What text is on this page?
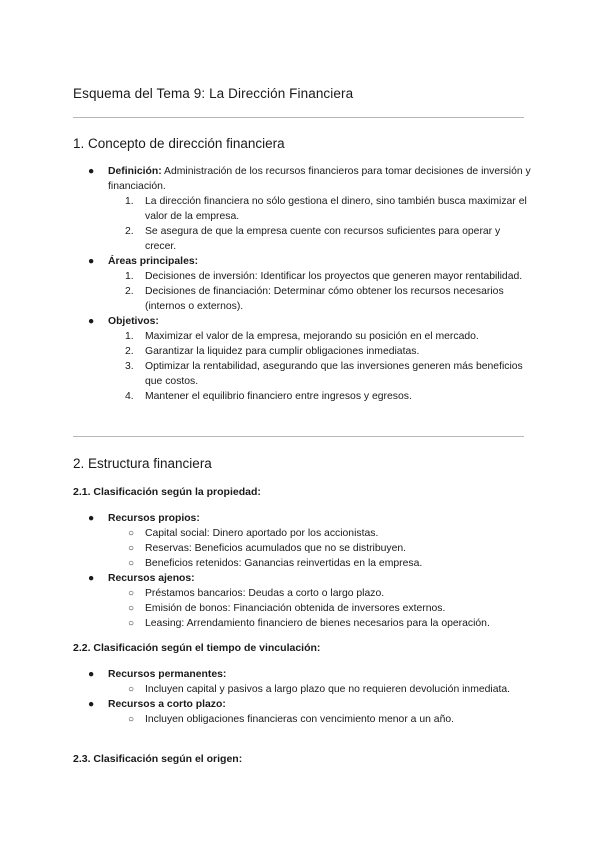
Esquema del Tema 9: La Dirección Financiera
1. Concepto de dirección financiera
● Definición: Administración de los recursos financieros para tomar decisiones de inversión y financiación.
1. La dirección financiera no sólo gestiona el dinero, sino también busca maximizar el valor de la empresa.
2. Se asegura de que la empresa cuente con recursos suficientes para operar y crecer.
● Áreas principales:
1. Decisiones de inversión: Identificar los proyectos que generen mayor rentabilidad.
2. Decisiones de financiación: Determinar cómo obtener los recursos necesarios (internos o externos).
● Objetivos:
1. Maximizar el valor de la empresa, mejorando su posición en el mercado.
2. Garantizar la liquidez para cumplir obligaciones inmediatas.
3. Optimizar la rentabilidad, asegurando que las inversiones generen más beneficios que costos.
4. Mantener el equilibrio financiero entre ingresos y egresos.
2. Estructura financiera
2.1. Clasificación según la propiedad:
● Recursos propios:
○ Capital social: Dinero aportado por los accionistas.
○ Reservas: Beneficios acumulados que no se distribuyen.
○ Beneficios retenidos: Ganancias reinvertidas en la empresa.
● Recursos ajenos:
○ Préstamos bancarios: Deudas a corto o largo plazo.
○ Emisión de bonos: Financiación obtenida de inversores externos.
○ Leasing: Arrendamiento financiero de bienes necesarios para la operación.
2.2. Clasificación según el tiempo de vinculación:
● Recursos permanentes:
○ Incluyen capital y pasivos a largo plazo que no requieren devolución inmediata.
● Recursos a corto plazo:
○ Incluyen obligaciones financieras con vencimiento menor a un año.
2.3. Clasificación según el origen:
